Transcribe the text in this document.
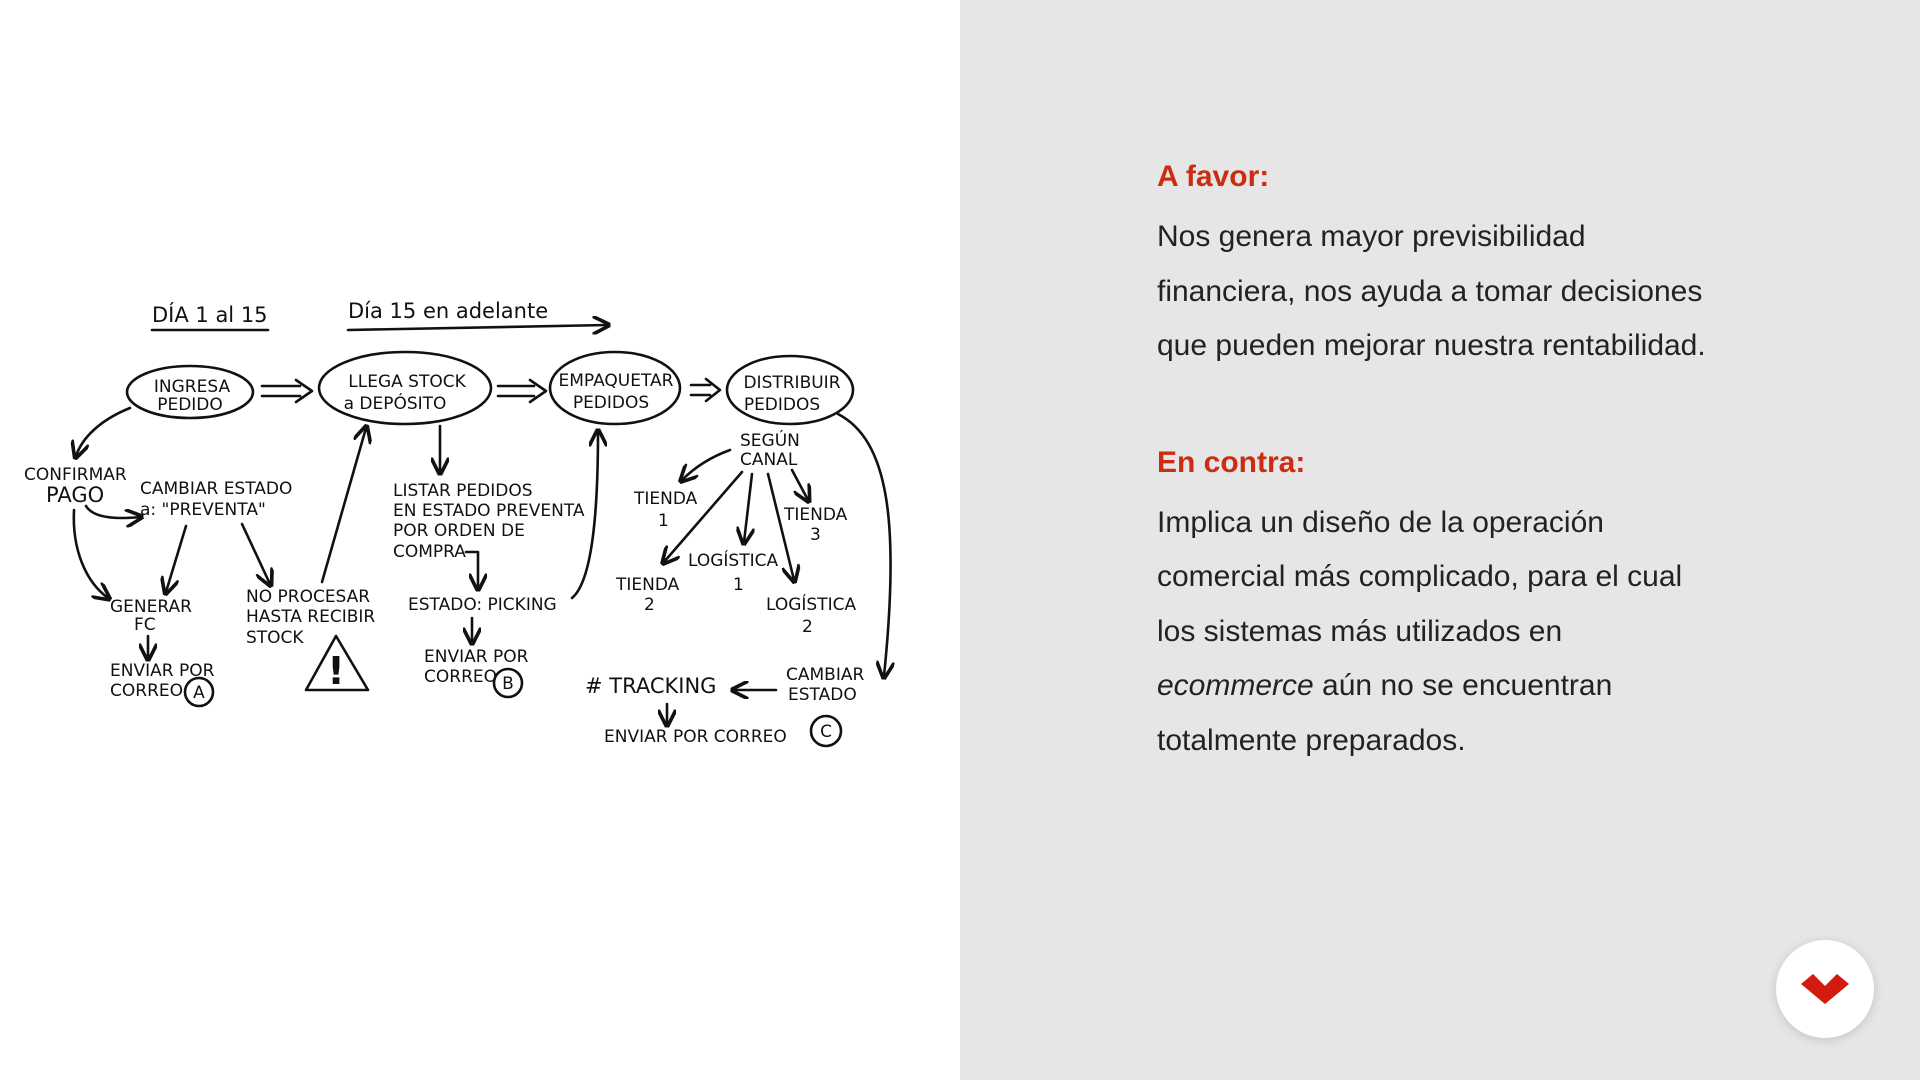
DÍA 1 al 15	Día 15 en adelante
INGRESA
PEDIDO
LLEGA STOCK
a DEPÓSITO
EMPAQUETAR
PEDIDOS
DISTRIBUIR
PEDIDOS
CONFIRMAR
PAGO CAMBIAR ESTADO
a: "PREVENTA"
GENERAR
FC
ENVIAR POR
CORREO A
NO PROCESAR
HASTA RECIBIR
STOCK
!
LISTAR PEDIDOS
EN ESTADO PREVENTA
POR ORDEN DE
COMPRA
ESTADO: PICKING
ENVIAR POR
CORREO B
SEGÚN
CANAL
TIENDA
1
TIENDA
2
LOGÍSTICA
1
LOGÍSTICA
2
TIENDA
3
CAMBIAR
ESTADO
# TRACKING
ENVIAR POR CORREO C
A favor:

Nos genera mayor previsibilidad financiera, nos ayuda a tomar decisiones que pueden mejorar nuestra rentabilidad.

En contra:

Implica un diseño de la operación comercial más complicado, para el cual los sistemas más utilizados en ecommerce aún no se encuentran totalmente preparados.
